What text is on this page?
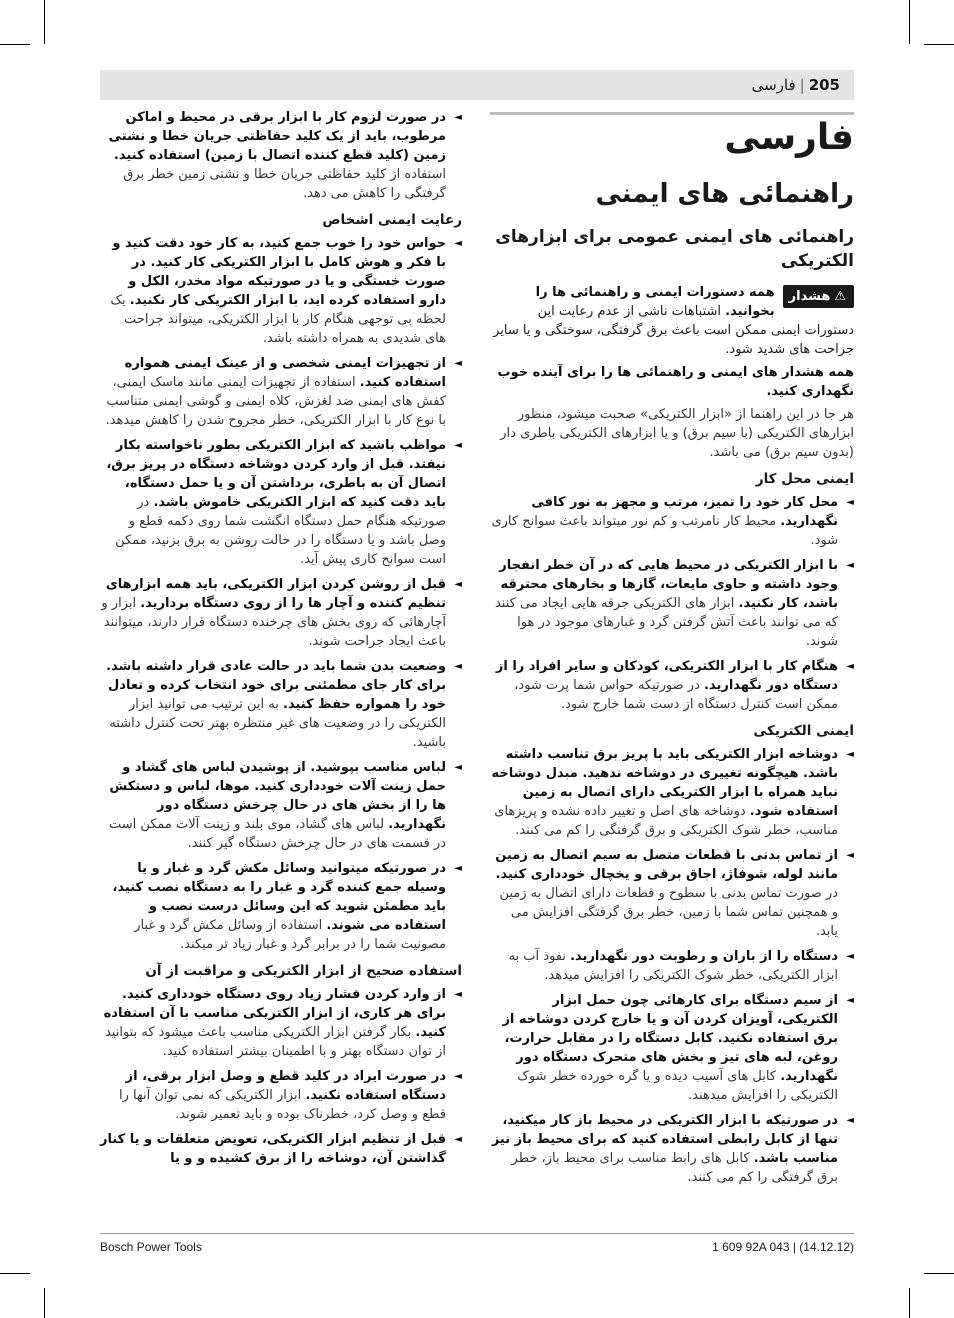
205|فارسی
فارسی
راهنمائی های ایمنی
راهنمائی های ایمنی عمومی برای ابزارهای الکتریکی
⚠هشدار
همه دستورات ایمنی و راهنمائی ها را بخوانید. اشتباهات ناشی از عدم رعایت این دستورات ایمنی ممکن است باعث برق گرفتگی، سوختگی و یا سایر جراحت های شدید شود.
همه هشدار های ایمنی و راهنمائی ها را برای آینده خوب نگهداری کنید.
هر جا در این راهنما از «ابزار الکتریکی» صحبت میشود، منظور ابزارهای الکتریکی (با سیم برق) و یا ابزارهای الکتریکی باطری دار (بدون سیم برق) می باشد.
ایمنی محل کار
◄ محل کار خود را تمیز، مرتب و مجهز به نور کافی نگهدارید. محیط کار نامرتب و کم نور میتواند باعث سوانح کاری شود.
◄ با ابزار الکتریکی در محیط هایی که در آن خطر انفجار وجود داشته و حاوی مایعات، گازها و بخارهای محترقه باشد، کار نکنید. ابزار های الکتریکی جرقه هایی ایجاد می کنند که می توانند باعث آتش گرفتن گرد و غبارهای موجود در هوا شوند.
◄ هنگام کار با ابزار الکتریکی، کودکان و سایر افراد را از دستگاه دور نگهدارید. در صورتیکه حواس شما پرت شود، ممکن است کنترل دستگاه از دست شما خارج شود.
ایمنی الکتریکی
◄ دوشاخه ابزار الکتریکی باید با پریز برق تناسب داشته باشد. هیچگونه تغییری در دوشاخه ندهید. مبدل دوشاخه نباید همراه با ابزار الکتریکی دارای اتصال به زمین استفاده شود. دوشاخه های اصل و تغییر داده نشده و پریزهای مناسب، خطر شوک الکتریکی و برق گرفتگی را کم می کنند.
◄ از تماس بدنی با قطعات متصل به سیم اتصال به زمین مانند لوله، شوفاژ، اجاق برقی و یخچال خودداری کنید. در صورت تماس بدنی با سطوح و قطعات دارای اتصال به زمین و همچنین تماس شما با زمین، خطر برق گرفتگی افزایش می یابد.
◄ دستگاه را از باران و رطوبت دور نگهدارید. نفوذ آب به ابزار الکتریکی، خطر شوک الکتریکی را افزایش میدهد.
◄ از سیم دستگاه برای کارهائی چون حمل ابزار الکتریکی، آویزان کردن آن و یا خارج کردن دوشاخه از برق استفاده نکنید. کابل دستگاه را در مقابل حرارت، روغن، لبه های تیز و بخش های متحرک دستگاه دور نگهدارید. کابل های آسیب دیده و یا گره خورده خطر شوک الکتریکی را افزایش میدهند.
◄ در صورتیکه با ابزار الکتریکی در محیط باز کار میکنید، تنها از کابل رابطی استفاده کنید که برای محیط باز نیز مناسب باشد. کابل های رابط مناسب برای محیط باز، خطر برق گرفتگی را کم می کنند.
◄ در صورت لزوم کار با ابزار برقی در محیط و اماکن مرطوب، باید از یک کلید حفاظتی جریان خطا و نشتی زمین (کلید قطع کننده اتصال با زمین) استفاده کنید. استفاده از کلید حفاظتی جریان خطا و نشتی زمین خطر برق گرفتگی را کاهش می دهد.
رعایت ایمنی اشخاص
◄ حواس خود را خوب جمع کنید، به کار خود دقت کنید و با فکر و هوش کامل با ابزار الکتریکی کار کنید. در صورت خستگی و یا در صورتیکه مواد مخدر، الکل و دارو استفاده کرده اید، با ابزار الکتریکی کار نکنید. یک لحظه بی توجهی هنگام کار با ابزار الکتریکی، میتواند جراحت های شدیدی به همراه داشته باشد.
◄ از تجهیزات ایمنی شخصی و از عینک ایمنی همواره استفاده کنید. استفاده از تجهیزات ایمنی مانند ماسک ایمنی، کفش های ایمنی ضد لغزش، کلاه ایمنی و گوشی ایمنی متناسب با نوع کار با ابزار الکتریکی، خطر مجروح شدن را کاهش میدهد.
◄ مواظب باشید که ابزار الکتریکی بطور ناخواسته بکار نیفتد. قبل از وارد کردن دوشاخه دستگاه در پریز برق، اتصال آن به باطری، برداشتن آن و یا حمل دستگاه، باید دقت کنید که ابزار الکتریکی خاموش باشد. در صورتیکه هنگام حمل دستگاه انگشت شما روی دکمه قطع و وصل باشد و یا دستگاه را در حالت روشن به برق بزنید، ممکن است سوانح کاری پیش آید.
◄ قبل از روشن کردن ابزار الکتریکی، باید همه ابزارهای تنظیم کننده و آچار ها را از روی دستگاه بردارید. ابزار و آچارهائی که روی بخش های چرخنده دستگاه قرار دارند، میتوانند باعث ایجاد جراحت شوند.
◄ وضعیت بدن شما باید در حالت عادی قرار داشته باشد. برای کار جای مطمئنی برای خود انتخاب کرده و تعادل خود را همواره حفظ کنید. به این ترتیب می توانید ابزار الکتریکی را در وضعیت های غیر منتظره بهتر تحت کنترل داشته باشید.
◄ لباس مناسب بپوشید. از پوشیدن لباس های گشاد و حمل زینت آلات خودداری کنید. موها، لباس و دستکش ها را از بخش های در حال چرخش دستگاه دور نگهدارید. لباس های گشاد، موی بلند و زینت آلات ممکن است در قسمت های در حال چرخش دستگاه گیر کنند.
◄ در صورتیکه میتوانید وسائل مکش گرد و غبار و یا وسیله جمع کننده گرد و غبار را به دستگاه نصب کنید، باید مطمئن شوید که این وسائل درست نصب و استفاده می شوند. استفاده از وسائل مکش گرد و غبار مصونیت شما را در برابر گرد و غبار زیاد تر میکند.
استفاده صحیح از ابزار الکتریکی و مراقبت از آن
◄ از وارد کردن فشار زیاد روی دستگاه خودداری کنید. برای هر کاری، از ابزار الکتریکی مناسب با آن استفاده کنید. بکار گرفتن ابزار الکتریکی مناسب باعث میشود که بتوانید از توان دستگاه بهتر و با اطمینان بیشتر استفاده کنید.
◄ در صورت ایراد در کلید قطع و وصل ابزار برقی، از دستگاه استفاده نکنید. ابزار الکتریکی که نمی توان آنها را قطع و وصل کرد، خطرناک بوده و باید تعمیر شوند.
◄ قبل از تنظیم ابزار الکتریکی، تعویض متعلقات و یا کنار گذاشتن آن، دوشاخه را از برق کشیده و و یا
Bosch Power Tools	1 609 92A 043 | (14.12.12)
